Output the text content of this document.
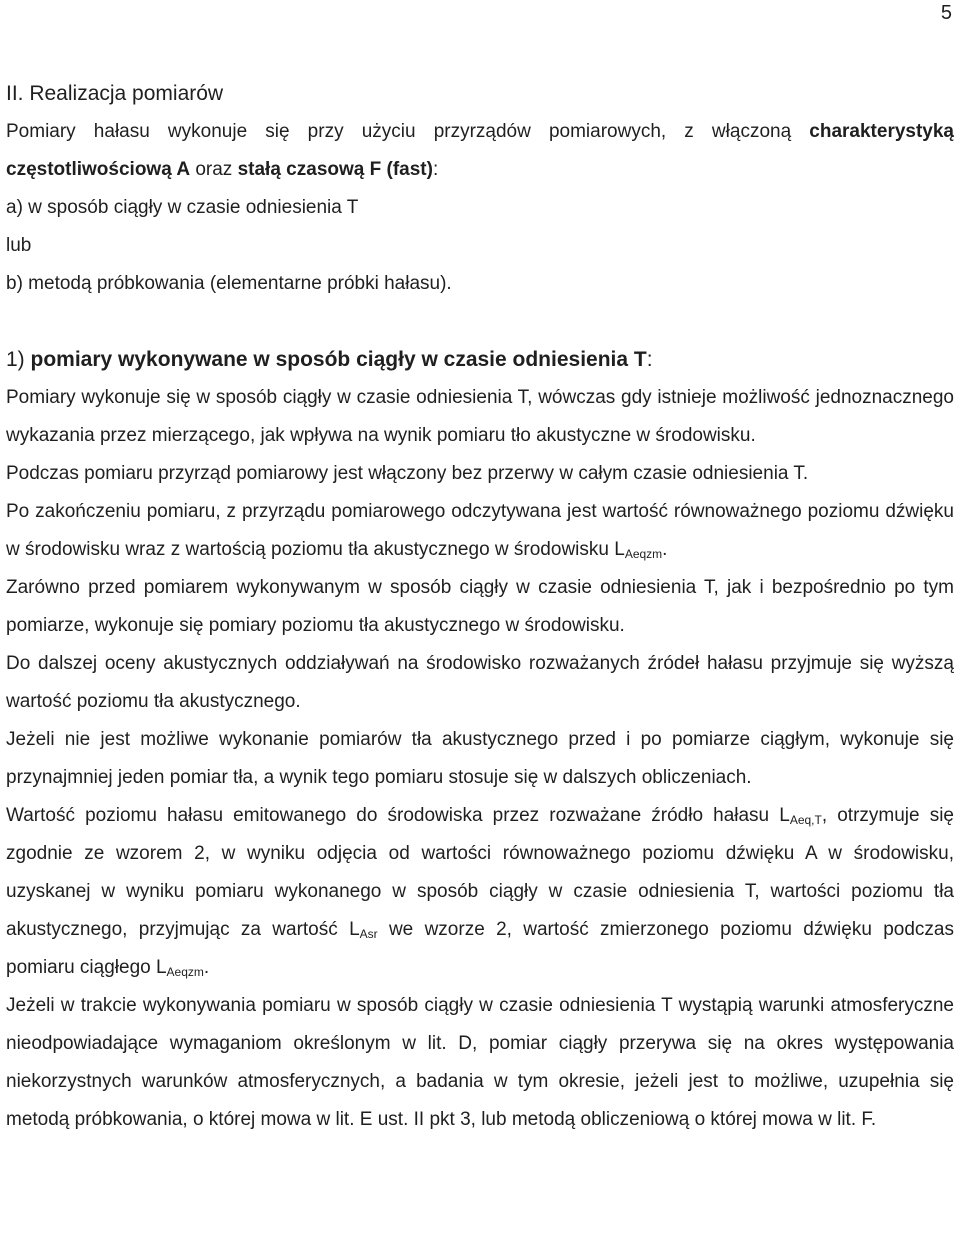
5
II. Realizacja pomiarów
Pomiary hałasu wykonuje się przy użyciu przyrządów pomiarowych, z włączoną charakterystyką częstotliwościową A oraz stałą czasową F (fast):
a) w sposób ciągły w czasie odniesienia T
lub
b) metodą próbkowania (elementarne próbki hałasu).
1) pomiary wykonywane w sposób ciągły w czasie odniesienia T:
Pomiary wykonuje się w sposób ciągły w czasie odniesienia T, wówczas gdy istnieje możliwość jednoznacznego wykazania przez mierzącego, jak wpływa na wynik pomiaru tło akustyczne w środowisku.
Podczas pomiaru przyrząd pomiarowy jest włączony bez przerwy w całym czasie odniesienia T.
Po zakończeniu pomiaru, z przyrządu pomiarowego odczytywana jest wartość równoważnego poziomu dźwięku w środowisku wraz z wartością poziomu tła akustycznego w środowisku $L_{Aeqzm}$.
Zarówno przed pomiarem wykonywanym w sposób ciągły w czasie odniesienia T, jak i bezpośrednio po tym pomiarze, wykonuje się pomiary poziomu tła akustycznego w środowisku.
Do dalszej oceny akustycznych oddziaływań na środowisko rozważanych źródeł hałasu przyjmuje się wyższą wartość poziomu tła akustycznego.
Jeżeli nie jest możliwe wykonanie pomiarów tła akustycznego przed i po pomiarze ciągłym, wykonuje się przynajmniej jeden pomiar tła, a wynik tego pomiaru stosuje się w dalszych obliczeniach.
Wartość poziomu hałasu emitowanego do środowiska przez rozważane źródło hałasu $L_{Aeq,T}$, otrzymuje się zgodnie ze wzorem 2, w wyniku odjęcia od wartości równoważnego poziomu dźwięku A w środowisku, uzyskanej w wyniku pomiaru wykonanego w sposób ciągły w czasie odniesienia T, wartości poziomu tła akustycznego, przyjmując za wartość $L_{Asr}$ we wzorze 2, wartość zmierzonego poziomu dźwięku podczas pomiaru ciągłego $L_{Aeqzm}$.
Jeżeli w trakcie wykonywania pomiaru w sposób ciągły w czasie odniesienia T wystąpią warunki atmosferyczne nieodpowiadające wymaganiom określonym w lit. D, pomiar ciągły przerywa się na okres występowania niekorzystnych warunków atmosferycznych, a badania w tym okresie, jeżeli jest to możliwe, uzupełnia się metodą próbkowania, o której mowa w lit. E ust. II pkt 3, lub metodą obliczeniową o której mowa w lit. F.
